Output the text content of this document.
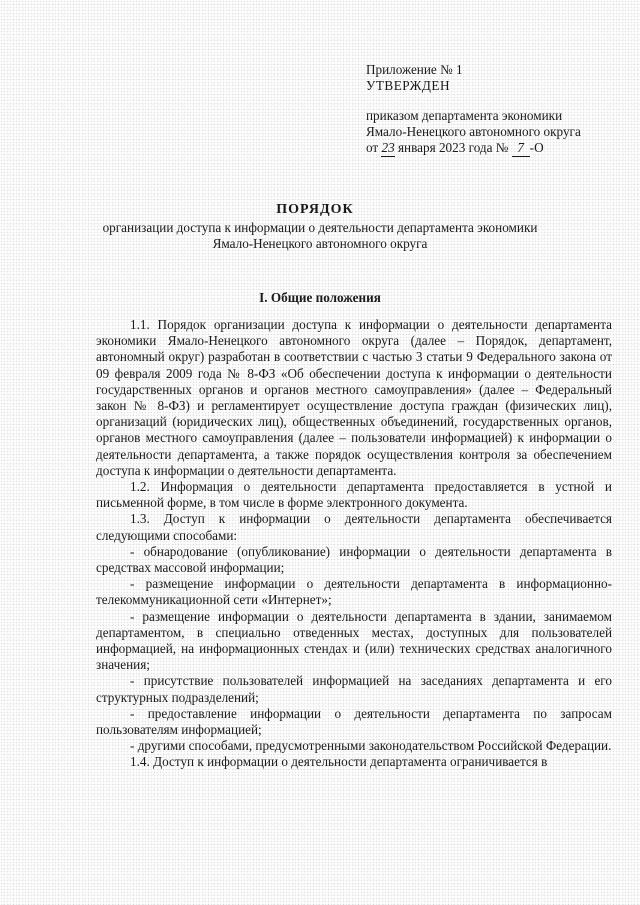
Приложение № 1
УТВЕРЖДЕН
приказом департамента экономики
Ямало-Ненецкого автономного округа
от 23 января 2023 года № 7 -О
ПОРЯДОК
организации доступа к информации о деятельности департамента экономики
Ямало-Ненецкого автономного округа
I. Общие положения

1.1. Порядок организации доступа к информации о деятельности департамента экономики Ямало-Ненецкого автономного округа (далее – Порядок, департамент, автономный округ) разработан в соответствии с частью 3 статьи 9 Федерального закона от 09 февраля 2009 года № 8-ФЗ «Об обеспечении доступа к информации о деятельности государственных органов и органов местного самоуправления» (далее – Федеральный закон № 8-ФЗ) и регламентирует осуществление доступа граждан (физических лиц), организаций (юридических лиц), общественных объединений, государственных органов, органов местного самоуправления (далее – пользователи информацией) к информации о деятельности департамента, а также порядок осуществления контроля за обеспечением доступа к информации о деятельности департамента.

1.2. Информация о деятельности департамента предоставляется в устной и письменной форме, в том числе в форме электронного документа.

1.3. Доступ к информации о деятельности департамента обеспечивается следующими способами:

- обнародование (опубликование) информации о деятельности департамента в средствах массовой информации;

- размещение информации о деятельности департамента в информационно-телекоммуникационной сети «Интернет»;

- размещение информации о деятельности департамента в здании, занимаемом департаментом, в специально отведенных местах, доступных для пользователей информацией, на информационных стендах и (или) технических средствах аналогичного значения;

- присутствие пользователей информацией на заседаниях департамента и его структурных подразделений;

- предоставление информации о деятельности департамента по запросам пользователям информацией;

- другими способами, предусмотренными законодательством Российской Федерации.

1.4. Доступ к информации о деятельности департамента ограничивается в
